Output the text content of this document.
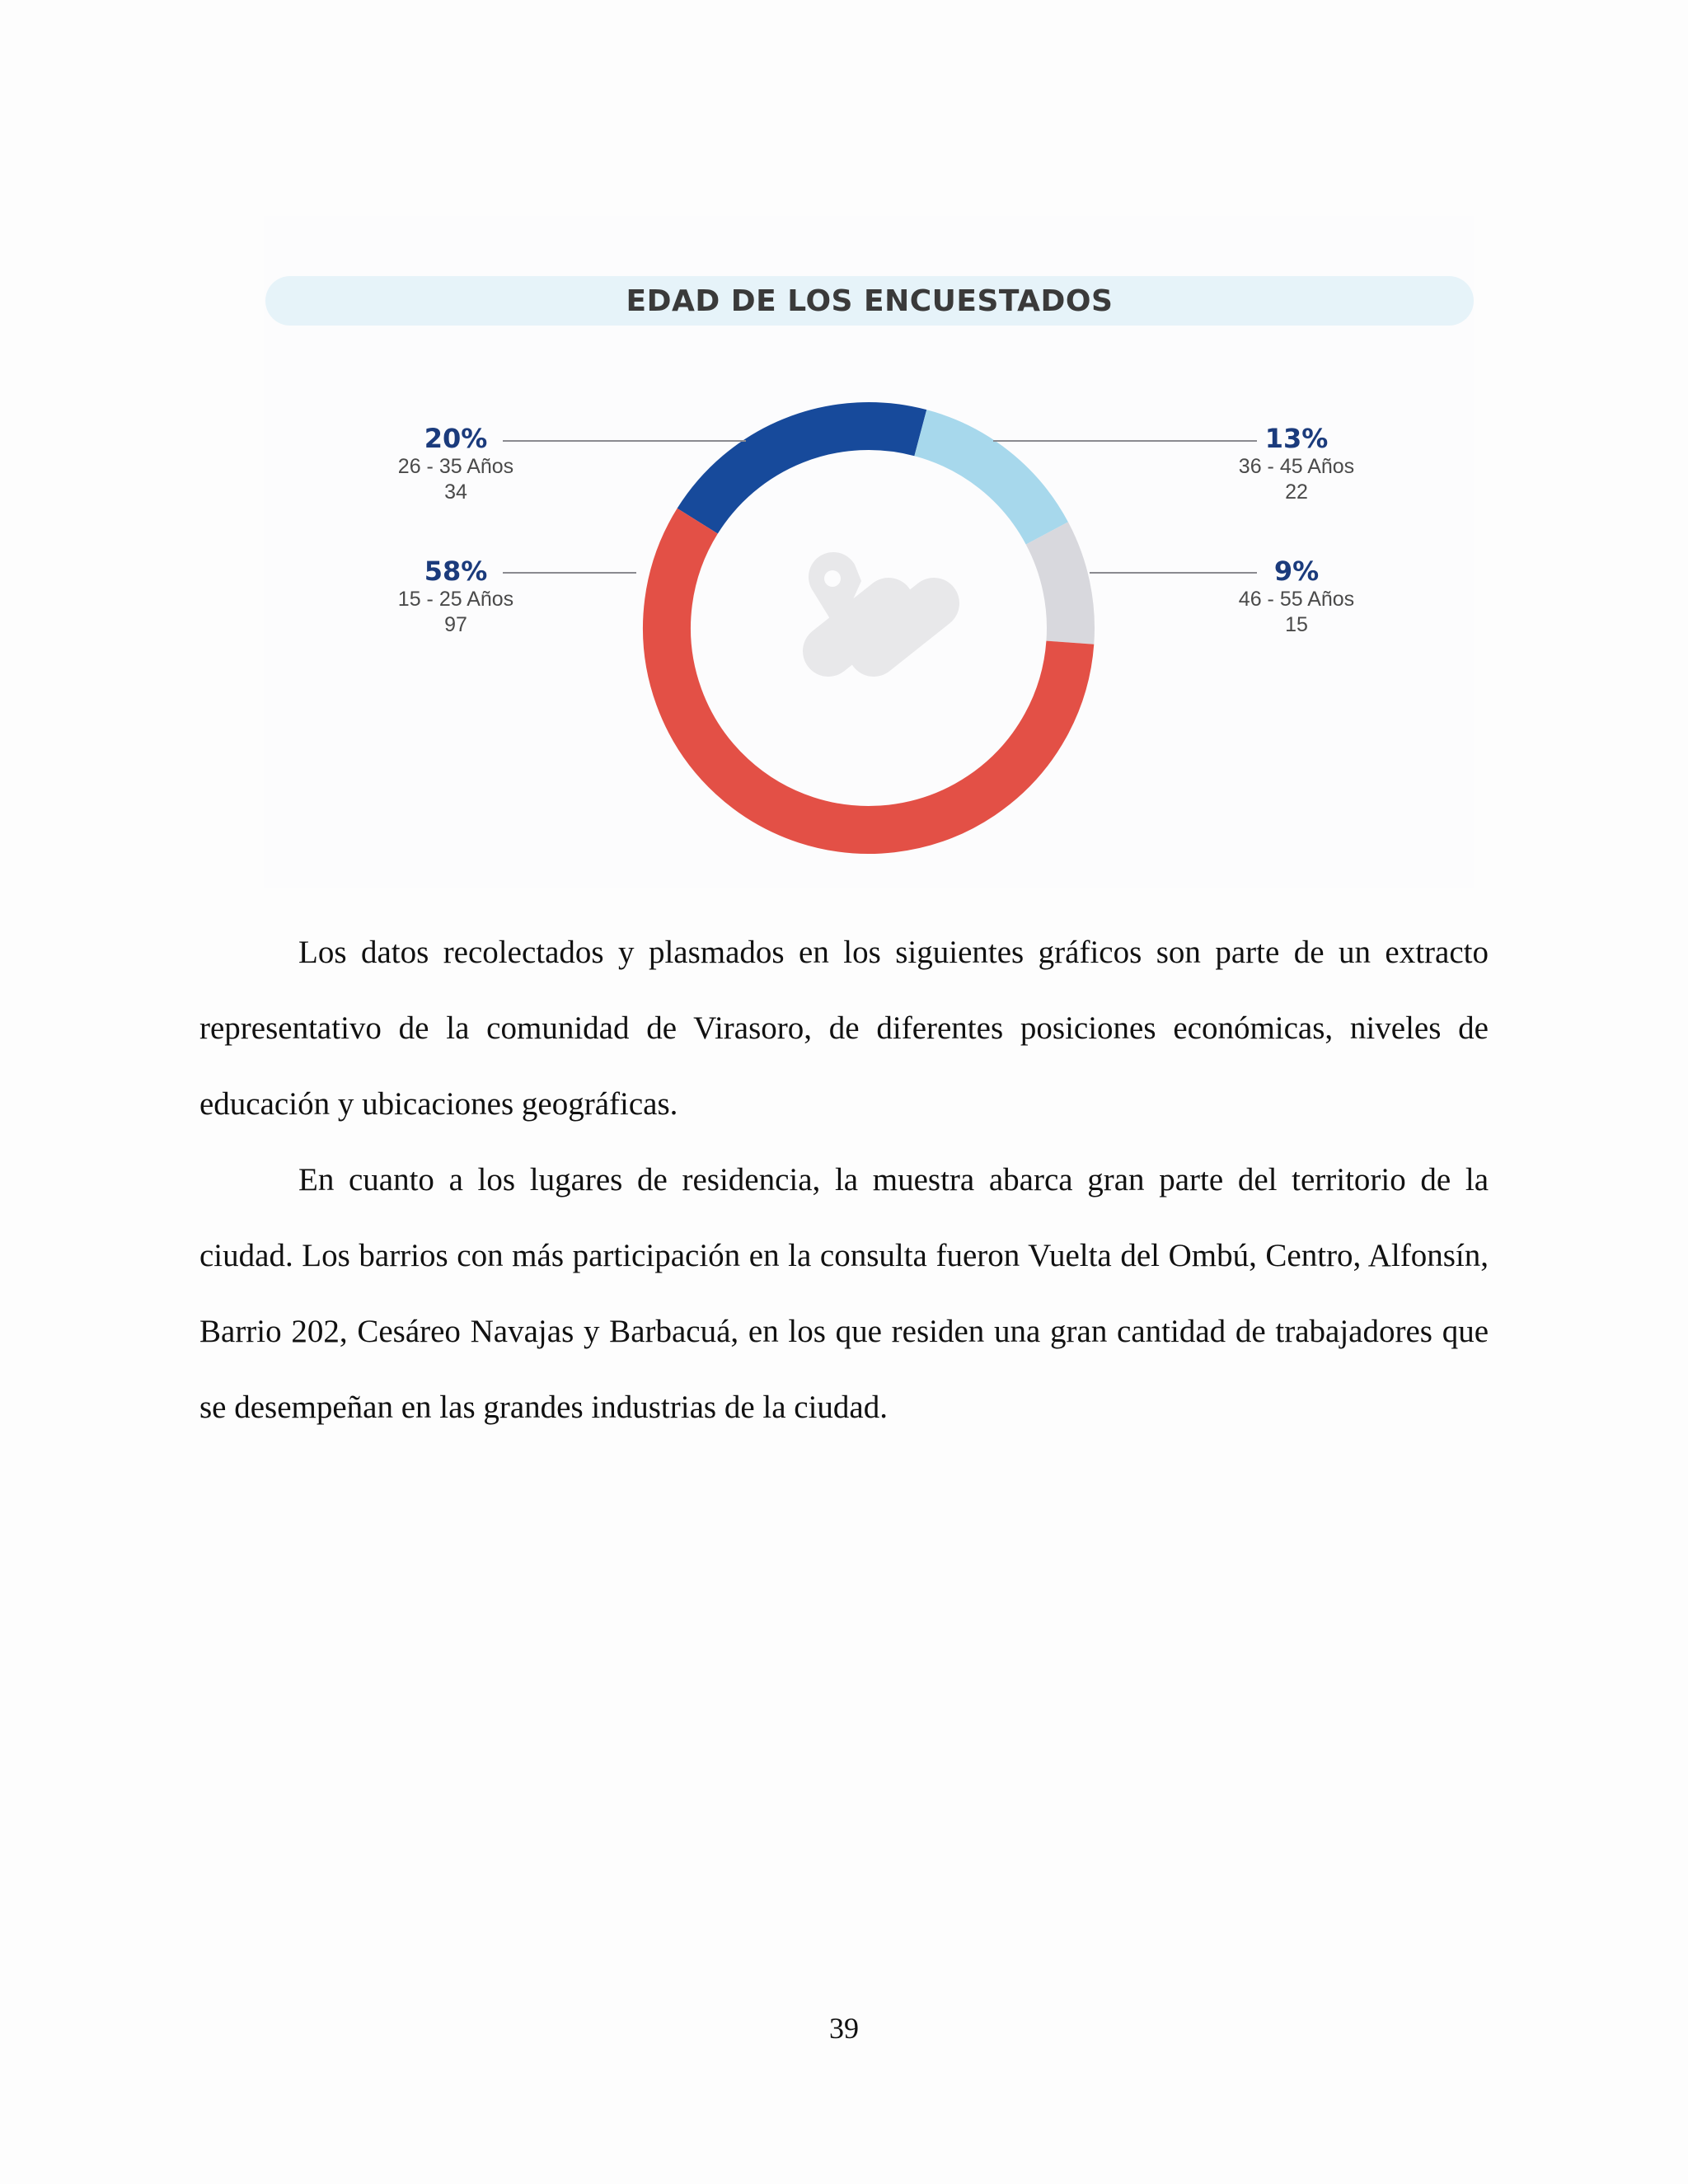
EDAD DE LOS ENCUESTADOS
20%
26 - 35 Años
34
13%
36 - 45 Años
22
58%
15 - 25 Años
97
9%
46 - 55 Años
15

Los datos recolectados y plasmados en los siguientes gráficos son parte de un extracto representativo de la comunidad de Virasoro, de diferentes posiciones económicas, niveles de educación y ubicaciones geográficas.

En cuanto a los lugares de residencia, la muestra abarca gran parte del territorio de la ciudad. Los barrios con más participación en la consulta fueron Vuelta del Ombú, Centro, Alfonsín, Barrio 202, Cesáreo Navajas y Barbacuá, en los que residen una gran cantidad de trabajadores que se desempeñan en las grandes industrias de la ciudad.

39
